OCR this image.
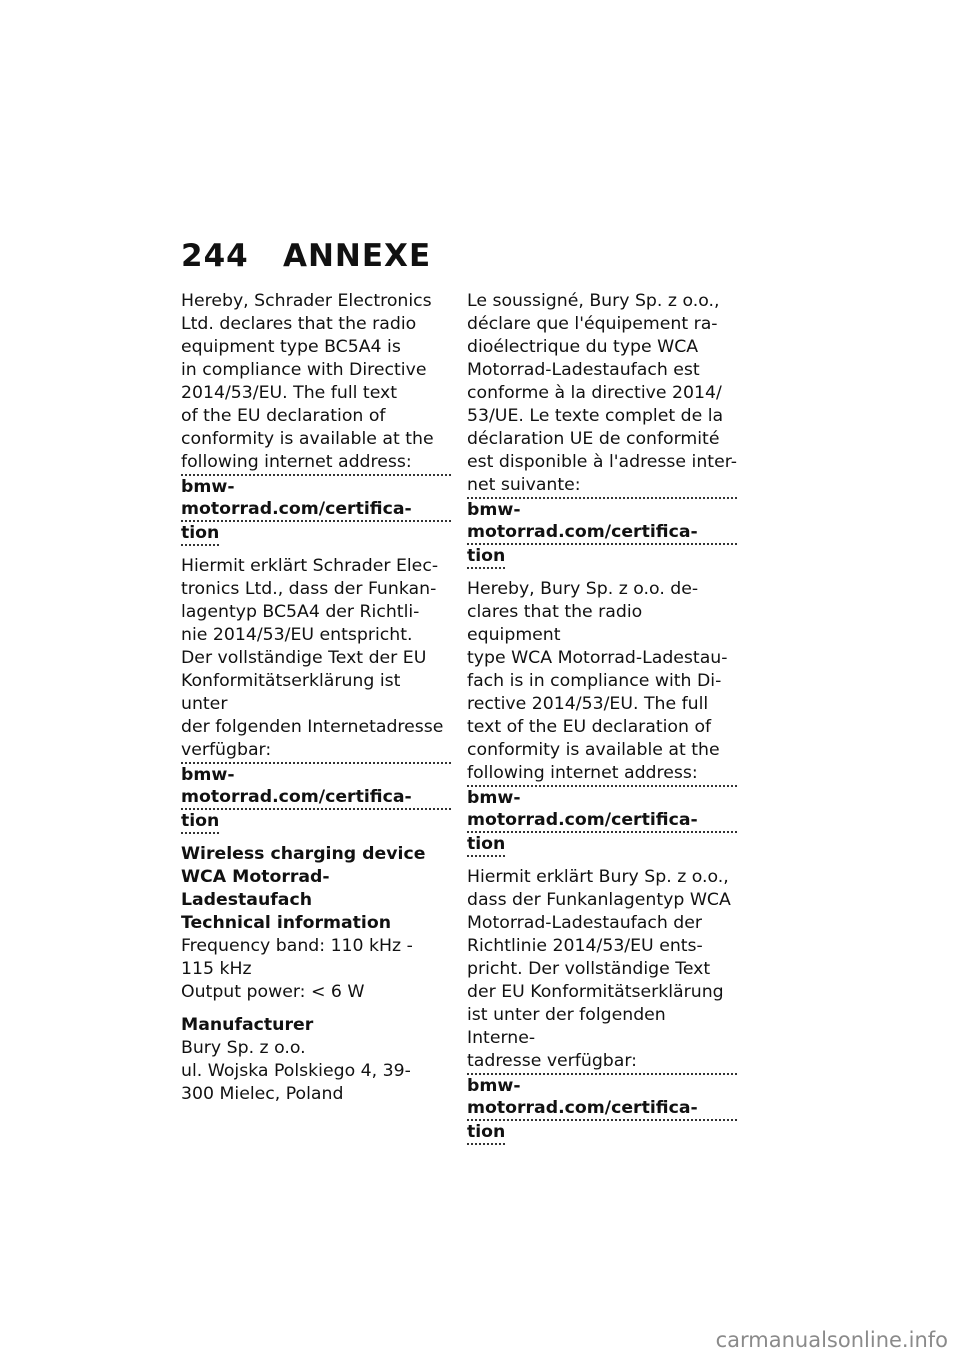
244 ANNEXE

Hereby, Schrader Electronics
Ltd. declares that the radio
equipment type BC5A4 is
in compliance with Directive
2014/53/EU. The full text
of the EU declaration of
conformity is available at the
following internet address:

bmw-motorrad.com/certifica-
tion

Hiermit erklärt Schrader Elec-
tronics Ltd., dass der Funkan-
lagentyp BC5A4 der Richtli-
nie 2014/53/EU entspricht.
Der vollständige Text der EU
Konformitätserklärung ist unter
der folgenden Internetadresse
verfügbar:

bmw-motorrad.com/certifica-
tion
Wireless charging device
WCA Motorrad-Ladestaufach
Technical information

Frequency band: 110 kHz -
115 kHz
Output power: < 6 W

Manufacturer

Bury Sp. z o.o.
ul. Wojska Polskiego 4, 39-
300 Mielec, Poland

Le soussigné, Bury Sp. z o.o.,
déclare que l'équipement ra-
dioélectrique du type WCA
Motorrad-Ladestaufach est
conforme à la directive 2014/
53/UE. Le texte complet de la
déclaration UE de conformité
est disponible à l'adresse inter-
net suivante:

bmw-motorrad.com/certifica-
tion

Hereby, Bury Sp. z o.o. de-
clares that the radio equipment
type WCA Motorrad-Ladestau-
fach is in compliance with Di-
rective 2014/53/EU. The full
text of the EU declaration of
conformity is available at the
following internet address:

bmw-motorrad.com/certifica-
tion

Hiermit erklärt Bury Sp. z o.o.,
dass der Funkanlagentyp WCA
Motorrad-Ladestaufach der
Richtlinie 2014/53/EU ents-
pricht. Der vollständige Text
der EU Konformitätserklärung
ist unter der folgenden Interne-
tadresse verfügbar:

bmw-motorrad.com/certifica-
tion
carmanualsonline.info
